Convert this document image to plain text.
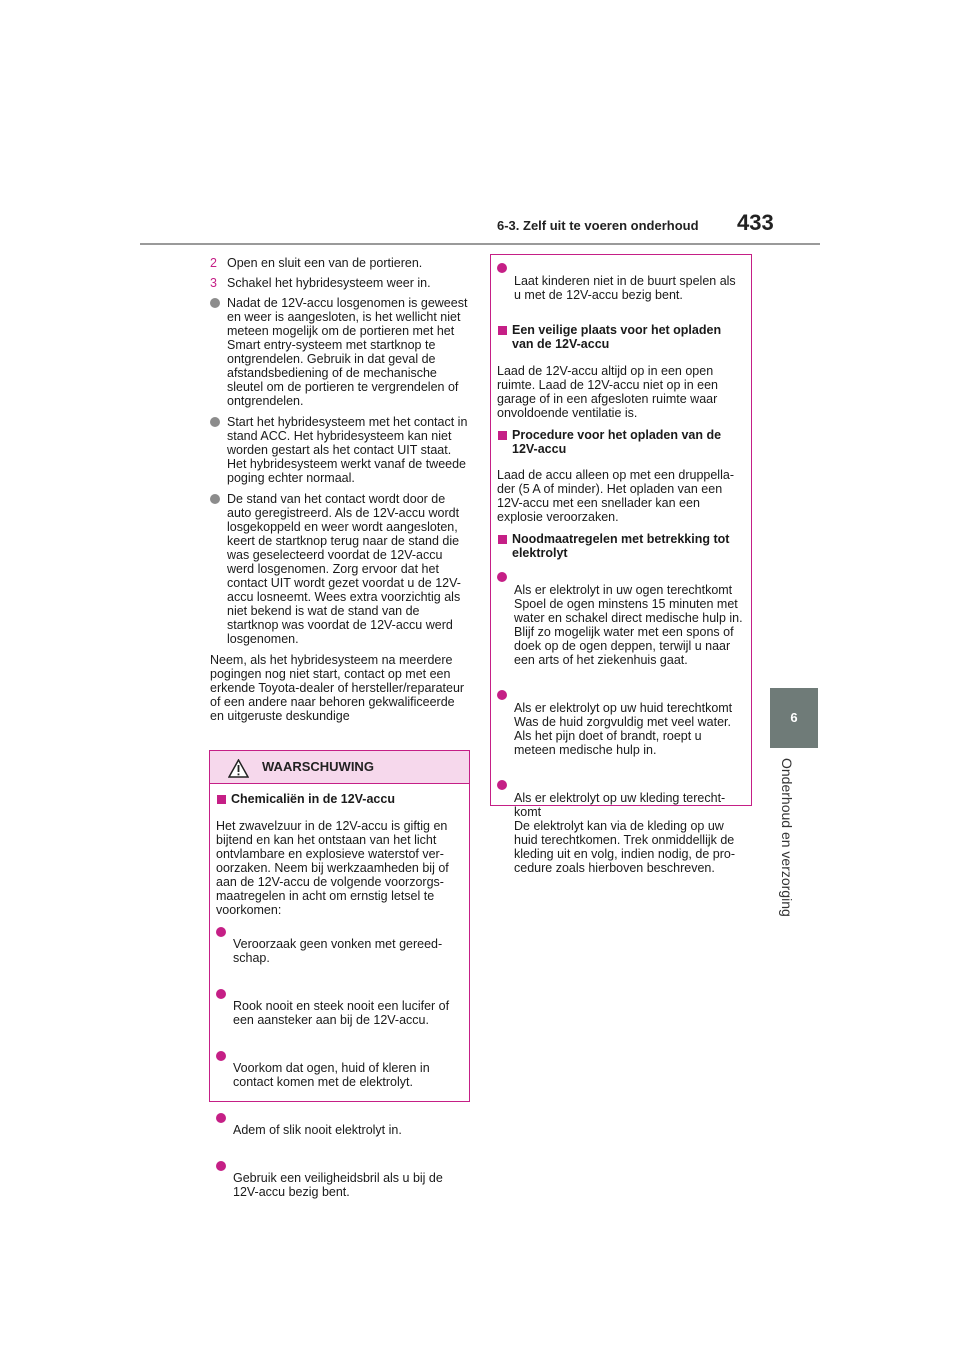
6-3. Zelf uit te voeren onderhoud 433
6
Onderhoud en verzorging
2 Open en sluit een van de portieren.

3 Schakel het hybridesysteem weer in.

Nadat de 12V-accu losgenomen is geweest en weer is aangesloten, is het wellicht niet meteen mogelijk om de portieren met het Smart entry-systeem met startknop te ontgrendelen. Gebruik in dat geval de afstandsbediening of de mechanische sleutel om de portieren te vergrendelen of ontgrendelen.

Start het hybridesysteem met het contact in stand ACC. Het hybridesysteem kan niet worden gestart als het contact UIT staat. Het hybridesysteem werkt vanaf de tweede poging echter normaal.

De stand van het contact wordt door de auto geregistreerd. Als de 12V-accu wordt losgekoppeld en weer wordt aangesloten, keert de startknop terug naar de stand die was geselecteerd voordat de 12V-accu werd losgenomen. Zorg ervoor dat het contact UIT wordt gezet voordat u de 12V-accu losneemt. Wees extra voorzichtig als niet bekend is wat de stand van de startknop was voordat de 12V-accu werd losgenomen.

Neem, als het hybridesysteem na meerdere pogingen nog niet start, contact op met een erkende Toyota-dealer of hersteller/reparateur of een andere naar behoren gekwalificeerde en uitgeruste deskundige

WAARSCHUWING
Chemicaliën in de 12V-accu

Het zwavelzuur in de 12V-accu is giftig en bijtend en kan het ontstaan van het licht ontvlambare en explosieve waterstof veroorzaken. Neem bij werkzaamheden bij of aan de 12V-accu de volgende voorzorgsmaatregelen in acht om ernstig letsel te voorkomen:

Veroorzaak geen vonken met gereedschap.

Rook nooit en steek nooit een lucifer of een aansteker aan bij de 12V-accu.

Voorkom dat ogen, huid of kleren in contact komen met de elektrolyt.

Adem of slik nooit elektrolyt in.

Gebruik een veiligheidsbril als u bij de 12V-accu bezig bent.

Laat kinderen niet in de buurt spelen als u met de 12V-accu bezig bent.

Een veilige plaats voor het opladen van de 12V-accu

Laad de 12V-accu altijd op in een open ruimte. Laad de 12V-accu niet op in een garage of in een afgesloten ruimte waar onvoldoende ventilatie is.

Procedure voor het opladen van de 12V-accu

Laad de accu alleen op met een druppellader (5 A of minder). Het opladen van een 12V-accu met een snellader kan een explosie veroorzaken.

Noodmaatregelen met betrekking tot elektrolyt

Als er elektrolyt in uw ogen terechtkomt Spoel de ogen minstens 15 minuten met water en schakel direct medische hulp in. Blijf zo mogelijk water met een spons of doek op de ogen deppen, terwijl u naar een arts of het ziekenhuis gaat.

Als er elektrolyt op uw huid terechtkomt Was de huid zorgvuldig met veel water. Als het pijn doet of brandt, roept u meteen medische hulp in.

Als er elektrolyt op uw kleding terechtkomt
De elektrolyt kan via de kleding op uw huid terechtkomen. Trek onmiddellijk de kleding uit en volg, indien nodig, de procedure zoals hierboven beschreven.
